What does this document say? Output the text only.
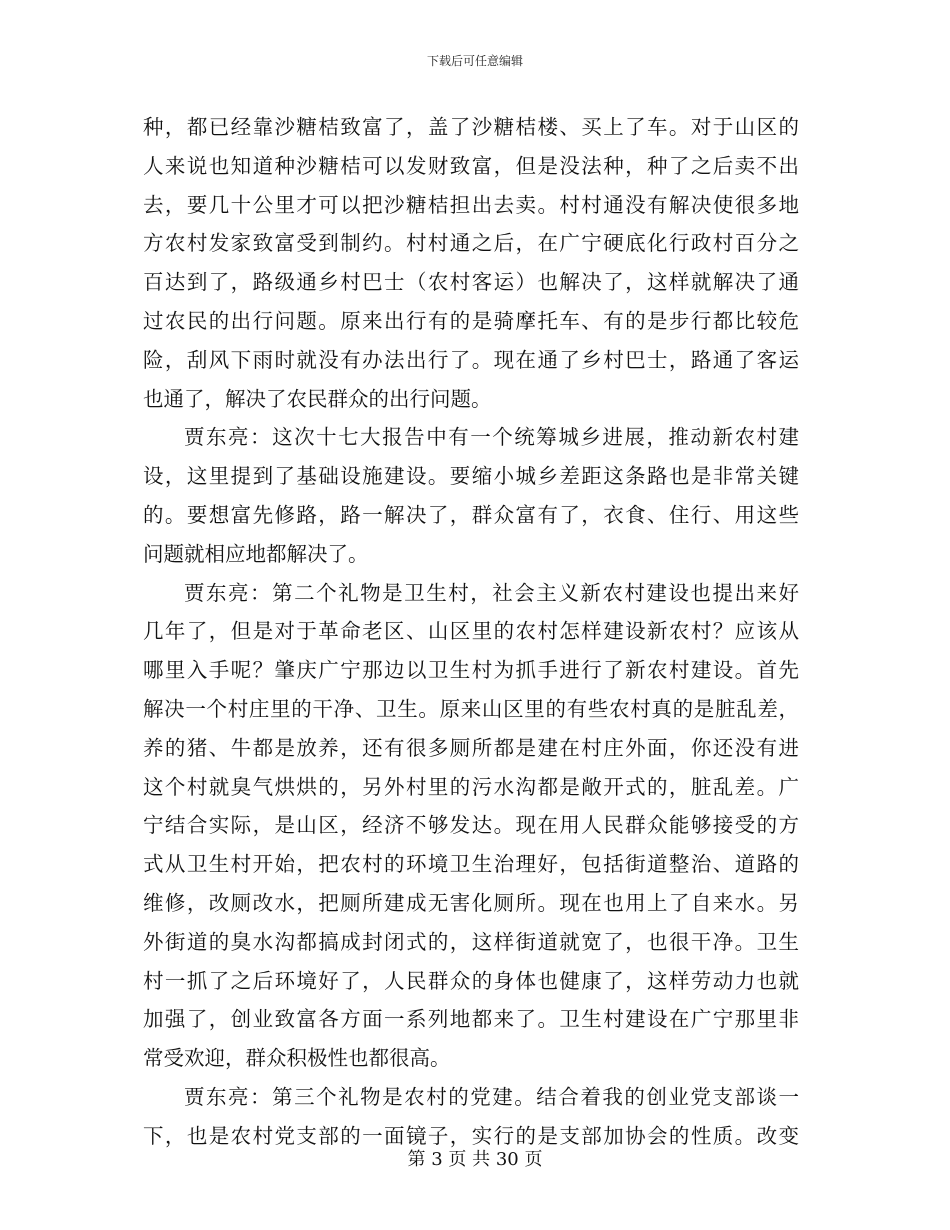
下载后可任意编辑
种，都已经靠沙糖桔致富了，盖了沙糖桔楼、买上了车。对于山区的
人来说也知道种沙糖桔可以发财致富，但是没法种，种了之后卖不出
去，要几十公里才可以把沙糖桔担出去卖。村村通没有解决使很多地
方农村发家致富受到制约。村村通之后，在广宁硬底化行政村百分之
百达到了，路级通乡村巴士（农村客运）也解决了，这样就解决了通
过农民的出行问题。原来出行有的是骑摩托车、有的是步行都比较危
险，刮风下雨时就没有办法出行了。现在通了乡村巴士，路通了客运
也通了，解决了农民群众的出行问题。
贾东亮：这次十七大报告中有一个统筹城乡进展，推动新农村建
设，这里提到了基础设施建设。要缩小城乡差距这条路也是非常关键
的。要想富先修路，路一解决了，群众富有了，衣食、住行、用这些
问题就相应地都解决了。
贾东亮：第二个礼物是卫生村，社会主义新农村建设也提出来好
几年了，但是对于革命老区、山区里的农村怎样建设新农村？应该从
哪里入手呢？肇庆广宁那边以卫生村为抓手进行了新农村建设。首先
解决一个村庄里的干净、卫生。原来山区里的有些农村真的是脏乱差，
养的猪、牛都是放养，还有很多厕所都是建在村庄外面，你还没有进
这个村就臭气烘烘的，另外村里的污水沟都是敞开式的，脏乱差。广
宁结合实际，是山区，经济不够发达。现在用人民群众能够接受的方
式从卫生村开始，把农村的环境卫生治理好，包括街道整治、道路的
维修，改厕改水，把厕所建成无害化厕所。现在也用上了自来水。另
外街道的臭水沟都搞成封闭式的，这样街道就宽了，也很干净。卫生
村一抓了之后环境好了，人民群众的身体也健康了，这样劳动力也就
加强了，创业致富各方面一系列地都来了。卫生村建设在广宁那里非
常受欢迎，群众积极性也都很高。
贾东亮：第三个礼物是农村的党建。结合着我的创业党支部谈一
下，也是农村党支部的一面镜子，实行的是支部加协会的性质。改变
第 3 页 共 30 页
